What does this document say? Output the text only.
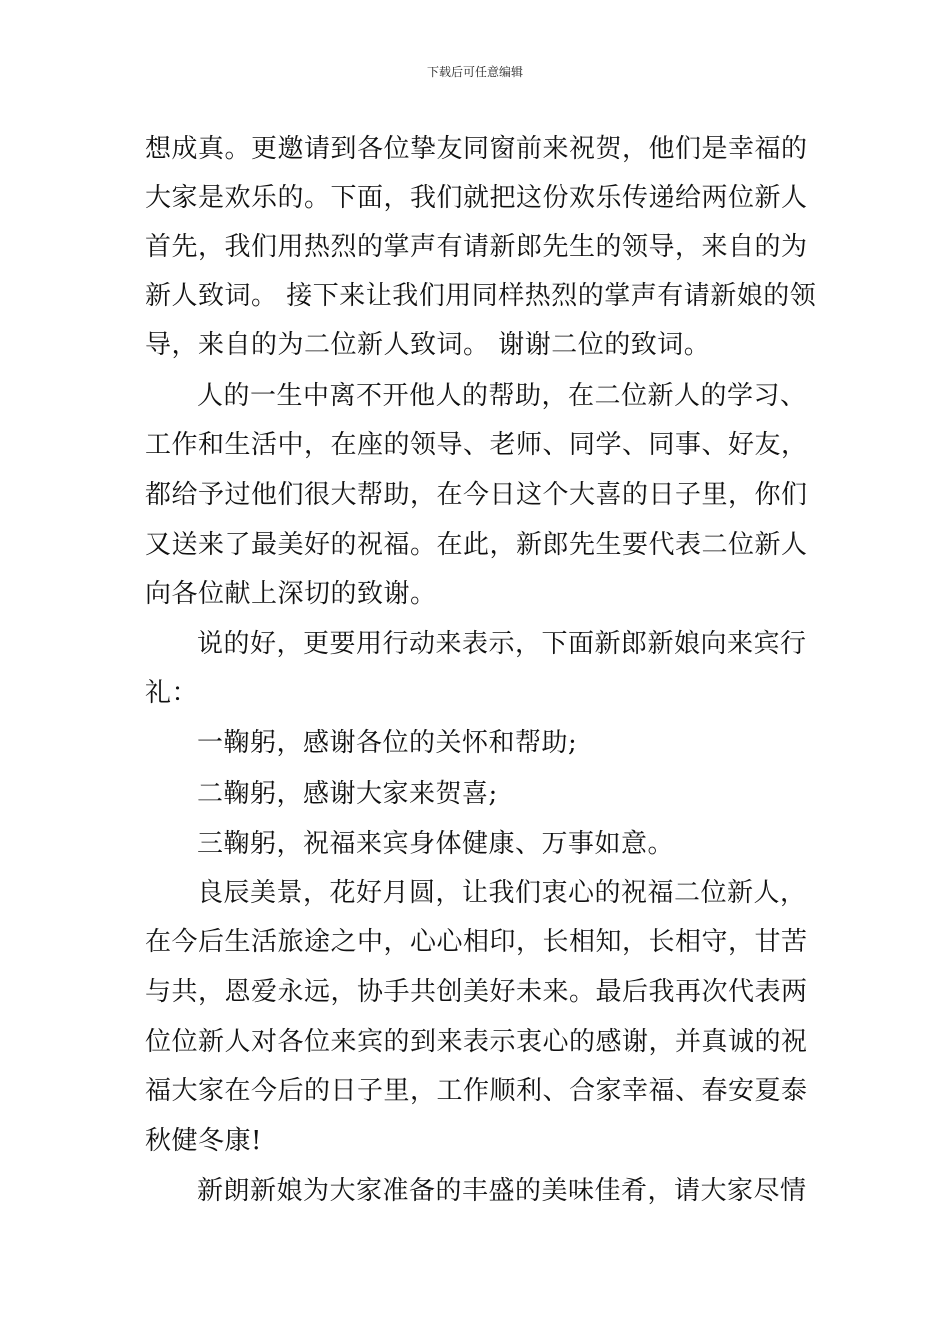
下载后可任意编辑
想成真。更邀请到各位挚友同窗前来祝贺，他们是幸福的
大家是欢乐的。下面，我们就把这份欢乐传递给两位新人
首先，我们用热烈的掌声有请新郎先生的领导，来自的为
新人致词。 接下来让我们用同样热烈的掌声有请新娘的领
导，来自的为二位新人致词。 谢谢二位的致词。
人的一生中离不开他人的帮助，在二位新人的学习、
工作和生活中，在座的领导、老师、同学、同事、好友，
都给予过他们很大帮助，在今日这个大喜的日子里，你们
又送来了最美好的祝福。在此，新郎先生要代表二位新人
向各位献上深切的致谢。
说的好，更要用行动来表示，下面新郎新娘向来宾行
礼：
一鞠躬，感谢各位的关怀和帮助;
二鞠躬，感谢大家来贺喜;
三鞠躬，祝福来宾身体健康、万事如意。
良辰美景，花好月圆，让我们衷心的祝福二位新人，
在今后生活旅途之中，心心相印，长相知，长相守，甘苦
与共，恩爱永远，协手共创美好未来。最后我再次代表两
位位新人对各位来宾的到来表示衷心的感谢，并真诚的祝
福大家在今后的日子里，工作顺利、合家幸福、春安夏泰
秋健冬康!
新朗新娘为大家准备的丰盛的美味佳肴，请大家尽情
